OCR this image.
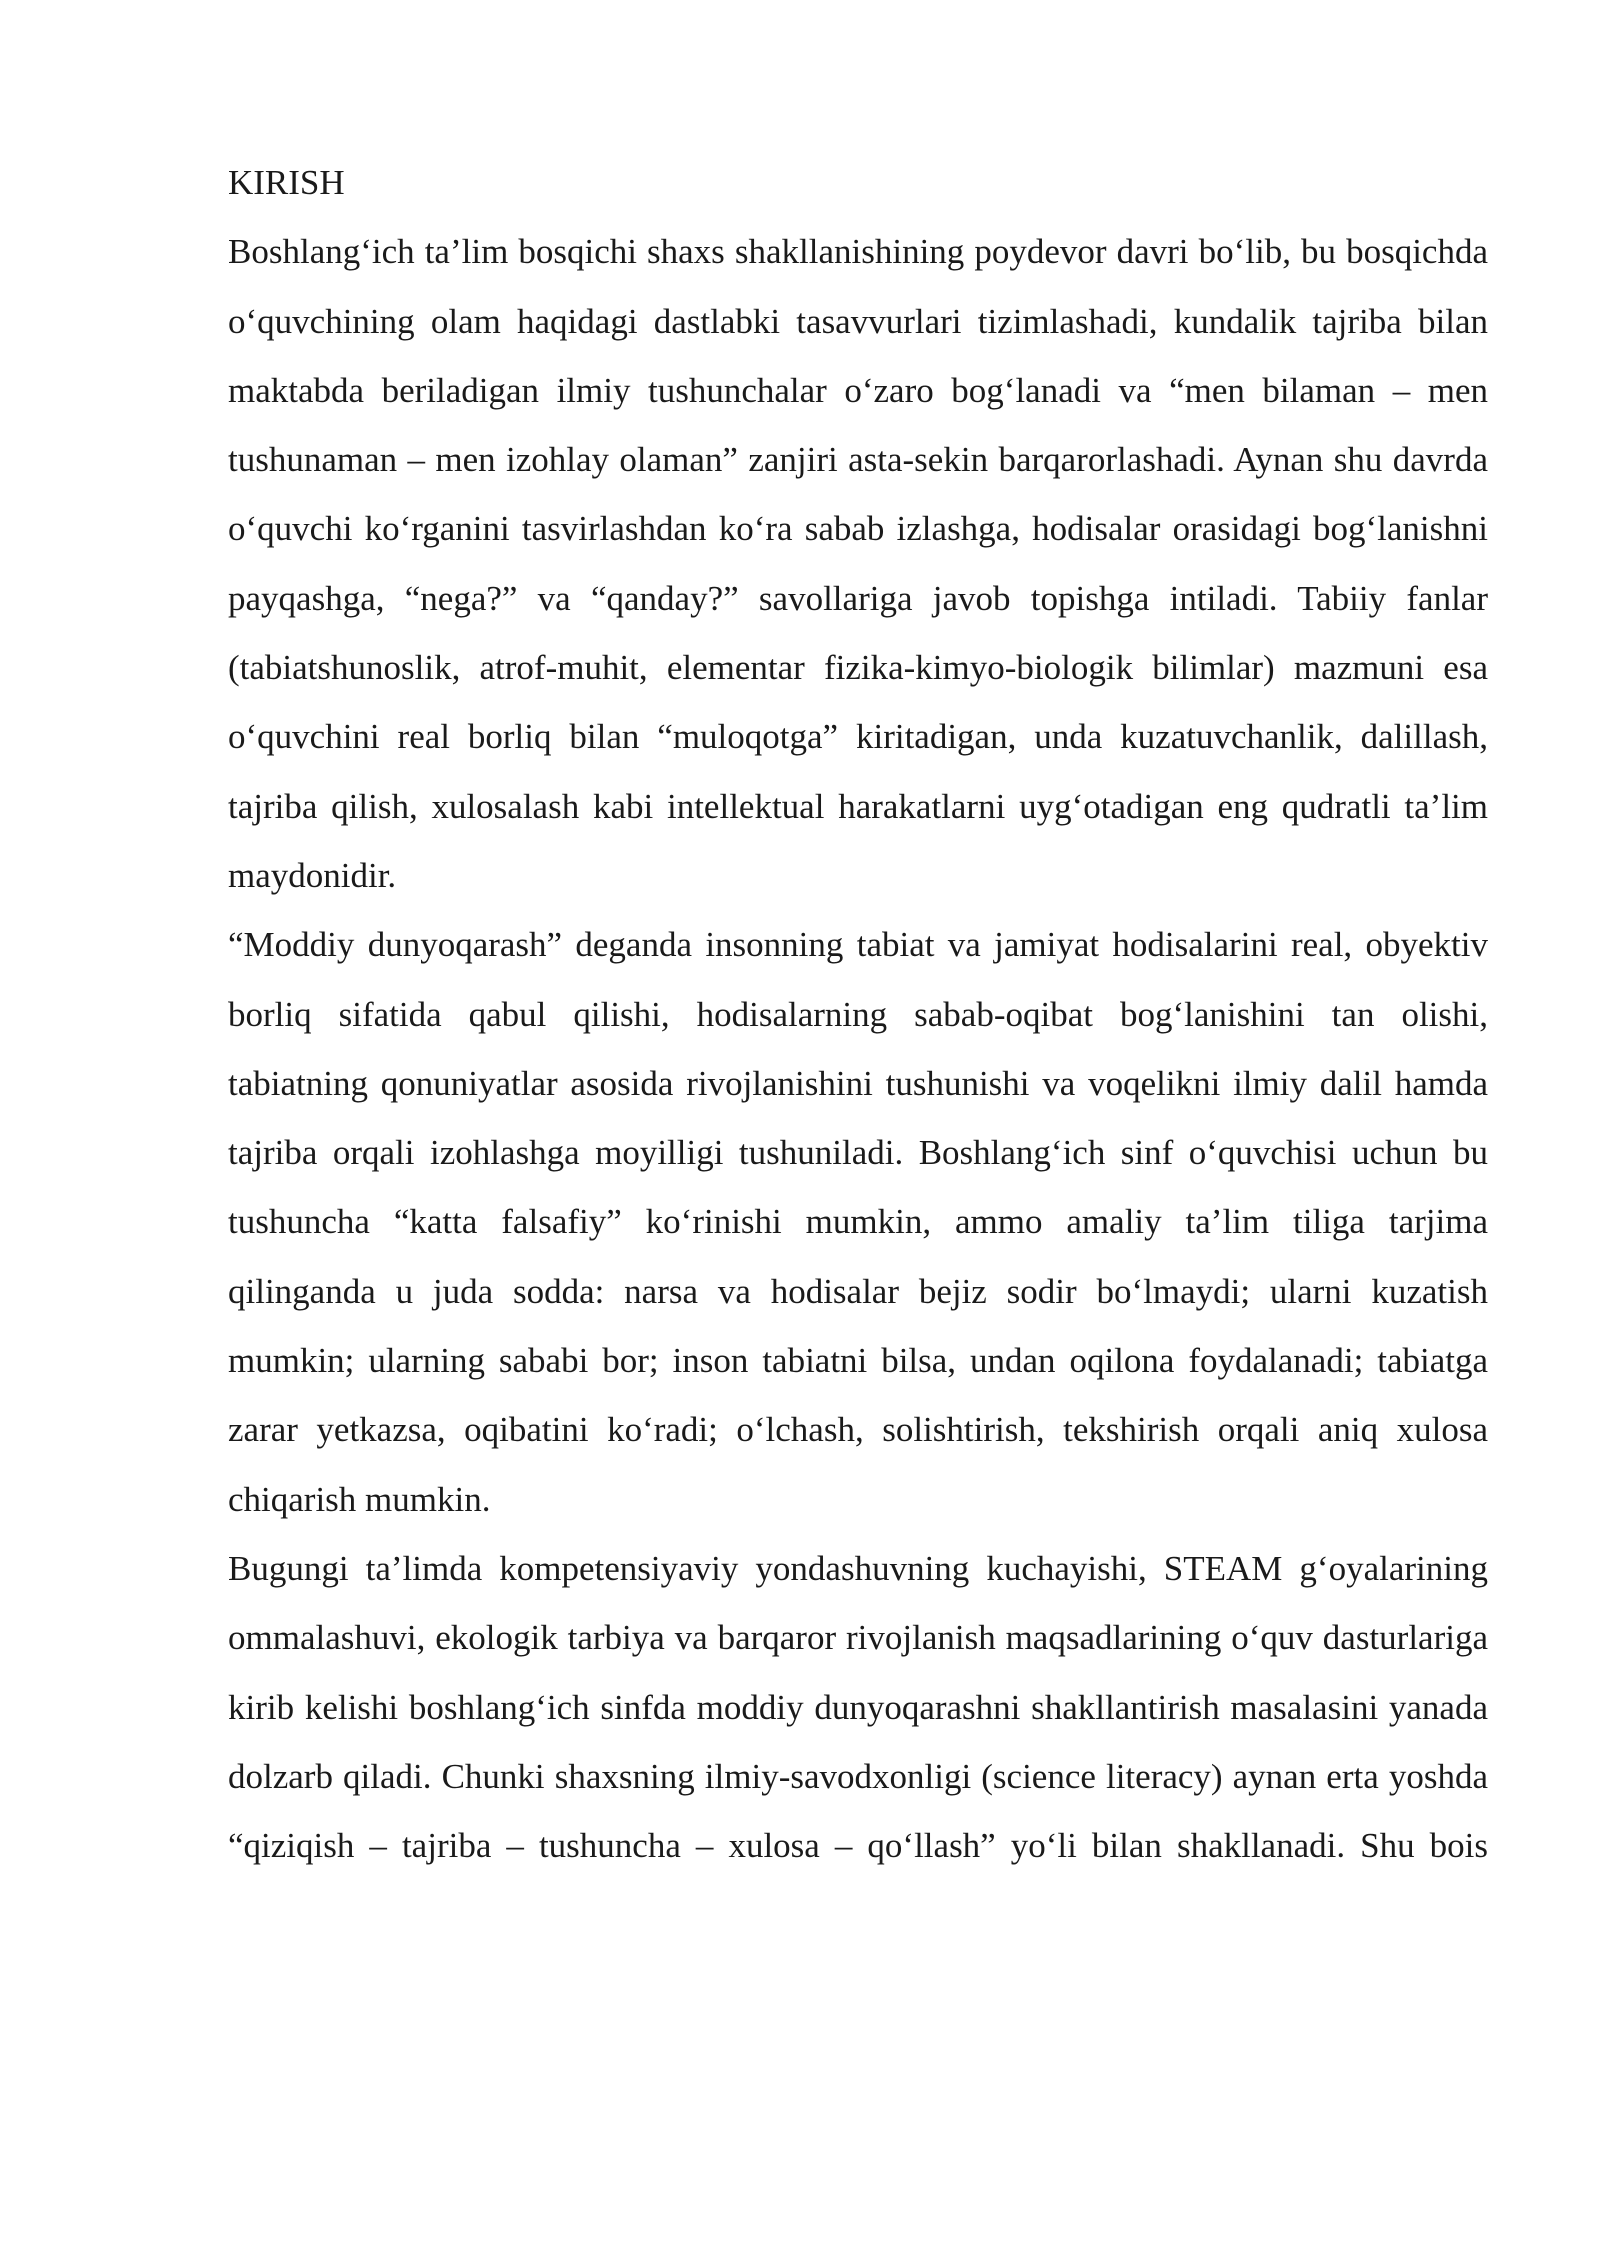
KIRISH

Boshlang‘ich ta’lim bosqichi shaxs shakllanishining poydevor davri bo‘lib, bu bosqichda o‘quvchining olam haqidagi dastlabki tasavvurlari tizimlashadi, kundalik tajriba bilan maktabda beriladigan ilmiy tushunchalar o‘zaro bog‘lanadi va “men bilaman – men tushunaman – men izohlay olaman” zanjiri asta-sekin barqarorlashadi. Aynan shu davrda o‘quvchi ko‘rganini tasvirlashdan ko‘ra sabab izlashga, hodisalar orasidagi bog‘lanishni payqashga, “nega?” va “qanday?” savollariga javob topishga intiladi. Tabiiy fanlar (tabiatshunoslik, atrof-muhit, elementar fizika-kimyo-biologik bilimlar) mazmuni esa o‘quvchini real borliq bilan “muloqotga” kiritadigan, unda kuzatuvchanlik, dalillash, tajriba qilish, xulosalash kabi intellektual harakatlarni uyg‘otadigan eng qudratli ta’lim maydonidir.

“Moddiy dunyoqarash” deganda insonning tabiat va jamiyat hodisalarini real, obyektiv borliq sifatida qabul qilishi, hodisalarning sabab-oqibat bog‘lanishini tan olishi, tabiatning qonuniyatlar asosida rivojlanishini tushunishi va voqelikni ilmiy dalil hamda tajriba orqali izohlashga moyilligi tushuniladi. Boshlang‘ich sinf o‘quvchisi uchun bu tushuncha “katta falsafiy” ko‘rinishi mumkin, ammo amaliy ta’lim tiliga tarjima qilinganda u juda sodda: narsa va hodisalar bejiz sodir bo‘lmaydi; ularni kuzatish mumkin; ularning sababi bor; inson tabiatni bilsa, undan oqilona foydalanadi; tabiatga zarar yetkazsa, oqibatini ko‘radi; o‘lchash, solishtirish, tekshirish orqali aniq xulosa chiqarish mumkin.

Bugungi ta’limda kompetensiyaviy yondashuvning kuchayishi, STEAM g‘oyalarining ommalashuvi, ekologik tarbiya va barqaror rivojlanish maqsadlarining o‘quv dasturlariga kirib kelishi boshlang‘ich sinfda moddiy dunyoqarashni shakllantirish masalasini yanada dolzarb qiladi. Chunki shaxsning ilmiy-savodxonligi (science literacy) aynan erta yoshda “qiziqish – tajriba – tushuncha – xulosa – qo‘llash” yo‘li bilan shakllanadi. Shu bois
